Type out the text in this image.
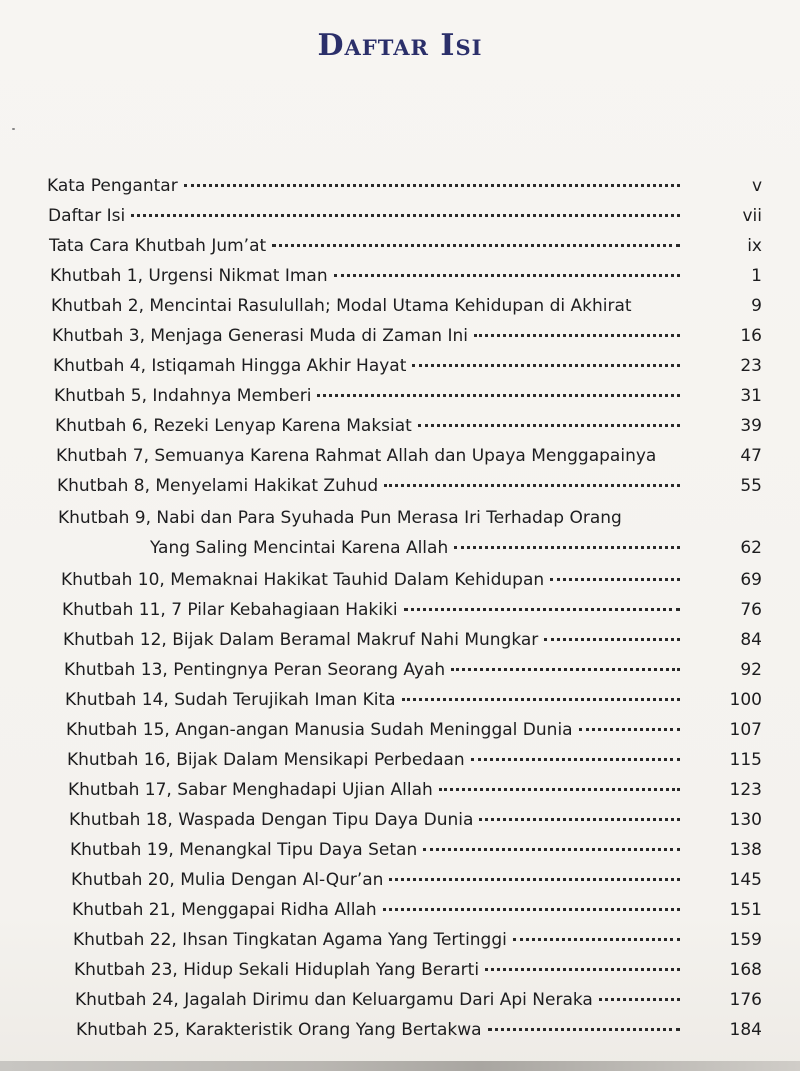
Daftar Isi
Kata Pengantar	v
Daftar Isi	vii
Tata Cara Khutbah Jum’at	ix
Khutbah 1, Urgensi Nikmat Iman	1
Khutbah 2, Mencintai Rasulullah; Modal Utama Kehidupan di Akhirat	9
Khutbah 3, Menjaga Generasi Muda di Zaman Ini	16
Khutbah 4, Istiqamah Hingga Akhir Hayat	23
Khutbah 5, Indahnya Memberi	31
Khutbah 6, Rezeki Lenyap Karena Maksiat	39
Khutbah 7, Semuanya Karena Rahmat Allah dan Upaya Menggapainya	47
Khutbah 8, Menyelami Hakikat Zuhud	55
Khutbah 9, Nabi dan Para Syuhada Pun Merasa Iri Terhadap Orang
Yang Saling Mencintai Karena Allah	62
Khutbah 10, Memaknai Hakikat Tauhid Dalam Kehidupan	69
Khutbah 11, 7 Pilar Kebahagiaan Hakiki	76
Khutbah 12, Bijak Dalam Beramal Makruf Nahi Mungkar	84
Khutbah 13, Pentingnya Peran Seorang Ayah	92
Khutbah 14, Sudah Terujikah Iman Kita	100
Khutbah 15, Angan-angan Manusia Sudah Meninggal Dunia	107
Khutbah 16, Bijak Dalam Mensikapi Perbedaan	115
Khutbah 17, Sabar Menghadapi Ujian Allah	123
Khutbah 18, Waspada Dengan Tipu Daya Dunia	130
Khutbah 19, Menangkal Tipu Daya Setan	138
Khutbah 20, Mulia Dengan Al-Qur’an	145
Khutbah 21, Menggapai Ridha Allah	151
Khutbah 22, Ihsan Tingkatan Agama Yang Tertinggi	159
Khutbah 23, Hidup Sekali Hiduplah Yang Berarti	168
Khutbah 24, Jagalah Dirimu dan Keluargamu Dari Api Neraka	176
Khutbah 25, Karakteristik Orang Yang Bertakwa	184
